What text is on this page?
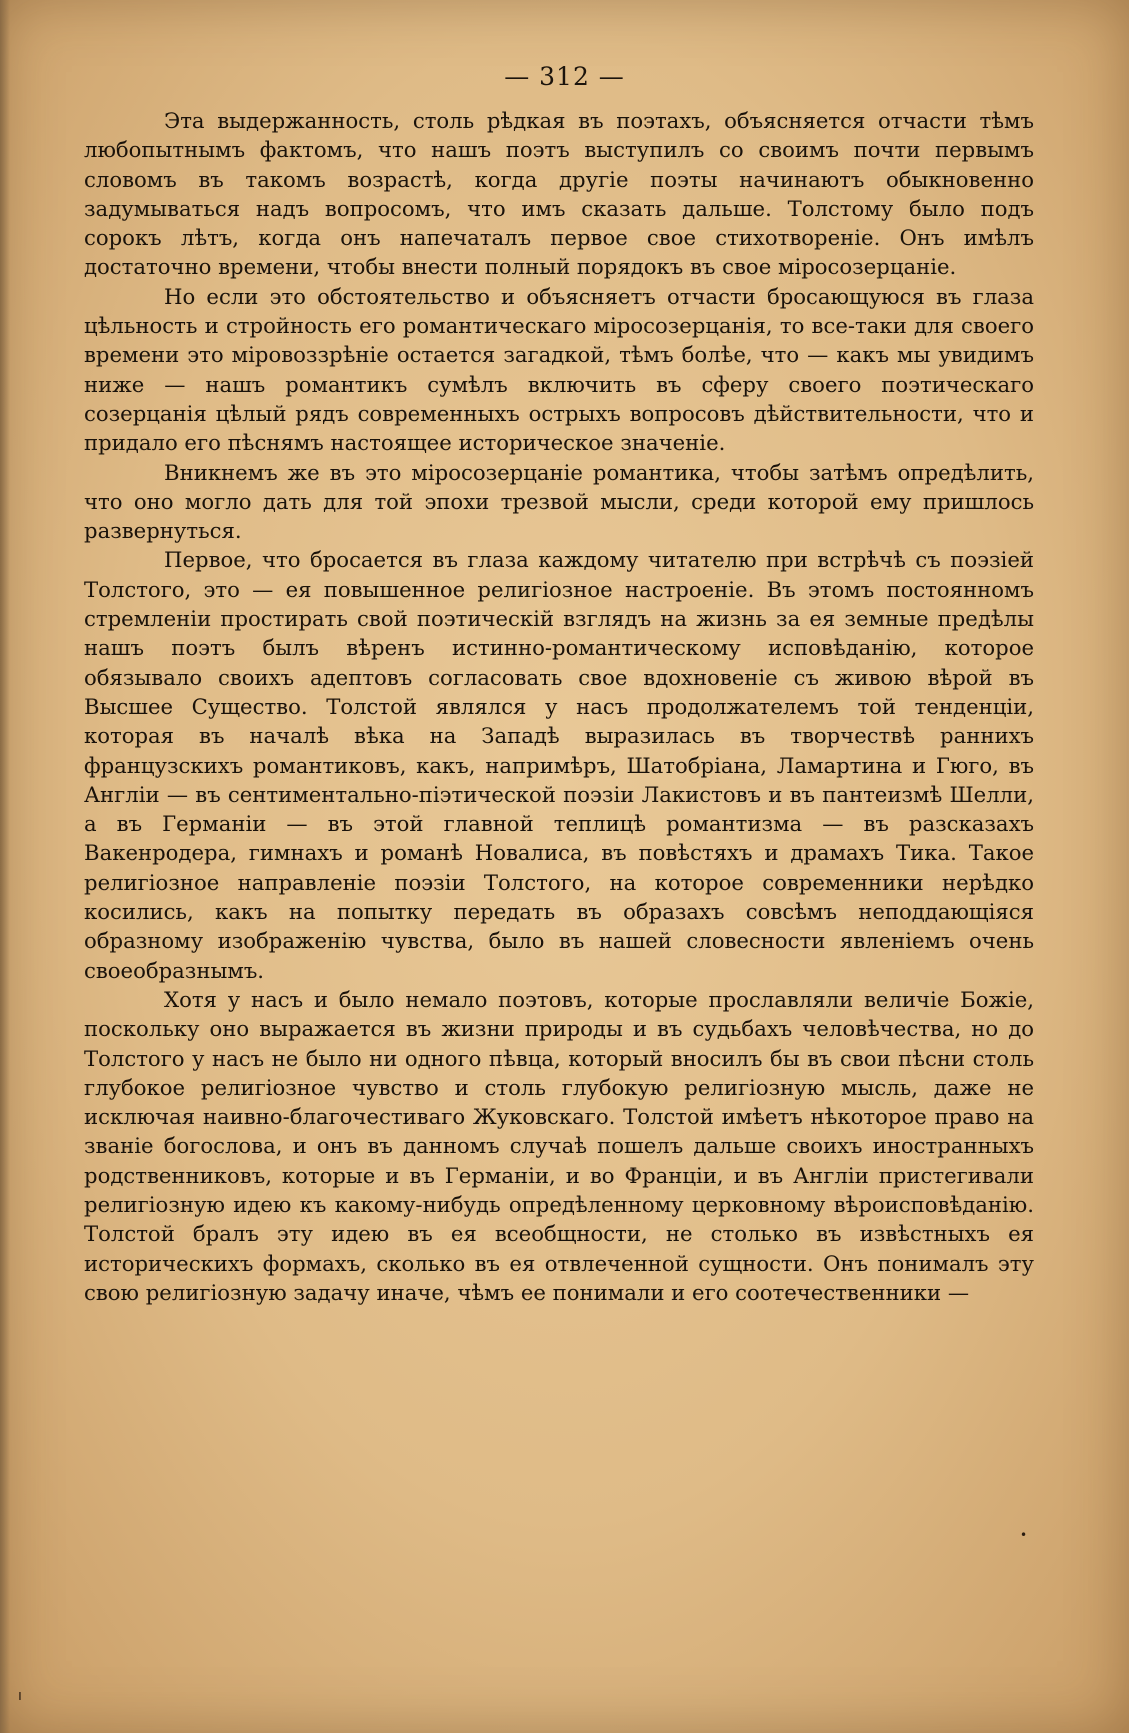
— 312 —

Эта выдержанность, столь рѣдкая въ поэтахъ, объясняется отчасти тѣмъ любопытнымъ фактомъ, что нашъ поэтъ выступилъ со своимъ почти первымъ словомъ въ такомъ возрастѣ, когда другіе поэты начинаютъ обыкновенно задумываться надъ вопросомъ, что имъ сказать дальше. Толстому было подъ сорокъ лѣтъ, когда онъ напечаталъ первое свое стихотвореніе. Онъ имѣлъ достаточно времени, чтобы внести полный порядокъ въ свое міросозерцаніе.

Но если это обстоятельство и объясняетъ отчасти бросающуюся въ глаза цѣльность и стройность его романтическаго міросозерцанія, то все-таки для своего времени это міровоззрѣніе остается загадкой, тѣмъ болѣе, что — какъ мы увидимъ ниже — нашъ романтикъ сумѣлъ включить въ сферу своего поэтическаго созерцанія цѣлый рядъ современныхъ острыхъ вопросовъ дѣйствительности, что и придало его пѣснямъ настоящее историческое значеніе.

Вникнемъ же въ это міросозерцаніе романтика, чтобы затѣмъ опредѣлить, что оно могло дать для той эпохи трезвой мысли, среди которой ему пришлось развернуться.

Первое, что бросается въ глаза каждому читателю при встрѣчѣ съ поэзіей Толстого, это — ея повышенное религіозное настроеніе. Въ этомъ постоянномъ стремленіи простирать свой поэтическій взглядъ на жизнь за ея земные предѣлы нашъ поэтъ былъ вѣренъ истинно-романтическому исповѣданію, которое обязывало своихъ адептовъ согласовать свое вдохновеніе съ живою вѣрой въ Высшее Существо. Толстой являлся у насъ продолжателемъ той тенденціи, которая въ началѣ вѣка на Западѣ выразилась въ творчествѣ раннихъ французскихъ романтиковъ, какъ, напримѣръ, Шатобріана, Ламартина и Гюго, въ Англіи — въ сентиментально-піэтической поэзіи Лакистовъ и въ пантеизмѣ Шелли, а въ Германіи — въ этой главной теплицѣ романтизма — въ разсказахъ Вакенродера, гимнахъ и романѣ Новалиса, въ повѣстяхъ и драмахъ Тика. Такое религіозное направленіе поэзіи Толстого, на которое современники нерѣдко косились, какъ на попытку передать въ образахъ совсѣмъ неподдающіяся образному изображенію чувства, было въ нашей словесности явленіемъ очень своеобразнымъ.

Хотя у насъ и было немало поэтовъ, которые прославляли величіе Божіе, поскольку оно выражается въ жизни природы и въ судьбахъ человѣчества, но до Толстого у насъ не было ни одного пѣвца, который вносилъ бы въ свои пѣсни столь глубокое религіозное чувство и столь глубокую религіозную мысль, даже не исключая наивно-благочестиваго Жуковскаго. Толстой имѣетъ нѣкоторое право на званіе богослова, и онъ въ данномъ случаѣ пошелъ дальше своихъ иностранныхъ родственниковъ, которые и въ Германіи, и во Франціи, и въ Англіи пристегивали религіозную идею къ какому-нибудь опредѣленному церковному вѣроисповѣданію. Толстой бралъ эту идею въ ея всеобщности, не столько въ извѣстныхъ ея историческихъ формахъ, сколько въ ея отвлеченной сущности. Онъ понималъ эту свою религіозную задачу иначе, чѣмъ ее понимали и его соотечественники —

•
ı
